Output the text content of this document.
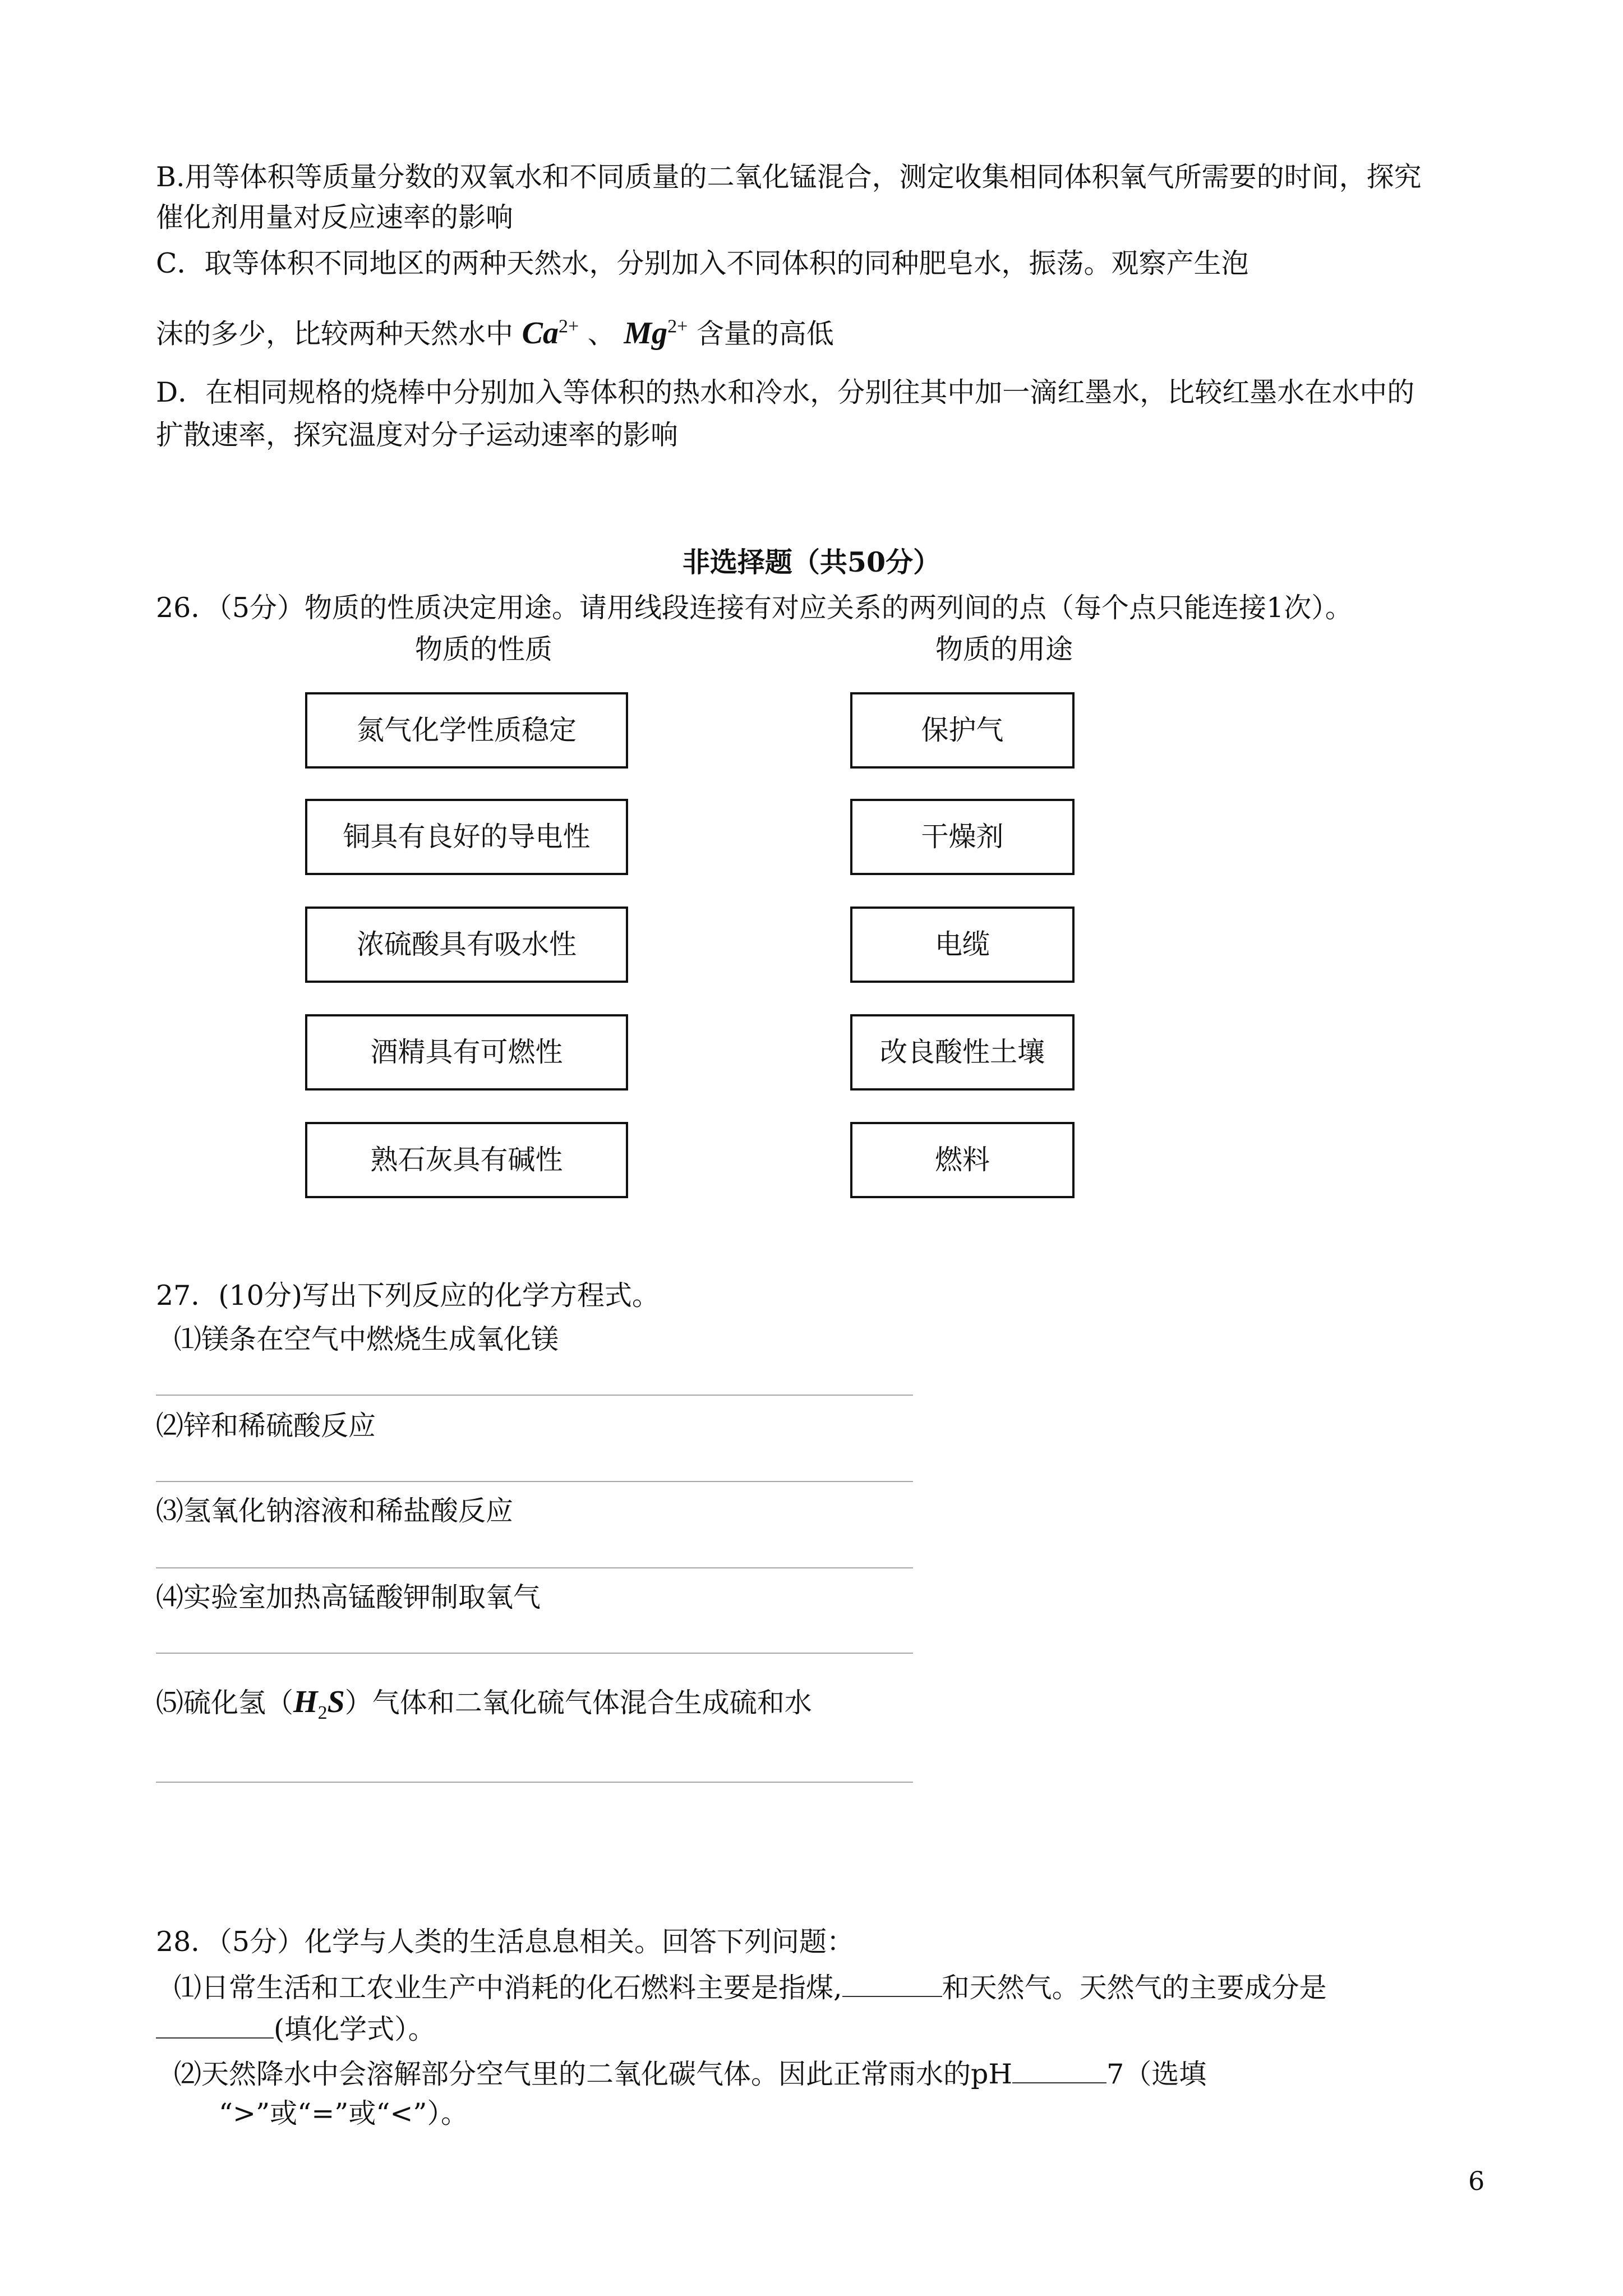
B.用等体积等质量分数的双氧水和不同质量的二氧化锰混合，测定收集相同体积氧气所需要的时间，探究
催化剂用量对反应速率的影响
C．取等体积不同地区的两种天然水，分别加入不同体积的同种肥皂水，振荡。观察产生泡
沫的多少，比较两种天然水中 $Ca^{2+}$ 、 $Mg^{2+}$ 含量的高低
D．在相同规格的烧棒中分别加入等体积的热水和冷水，分别往其中加一滴红墨水，比较红墨水在水中的
扩散速率，探究温度对分子运动速率的影响
非选择题（共50分）
26．（5分）物质的性质决定用途。请用线段连接有对应关系的两列间的点（每个点只能连接1次）。
物质的性质	物质的用途
氮气化学性质稳定
铜具有良好的导电性
浓硫酸具有吸水性
酒精具有可燃性
熟石灰具有碱性
保护气
干燥剂
电缆
改良酸性土壤
燃料
27．(10分)写出下列反应的化学方程式。
⑴镁条在空气中燃烧生成氧化镁
⑵锌和稀硫酸反应
⑶氢氧化钠溶液和稀盐酸反应
⑷实验室加热高锰酸钾制取氧气
⑸硫化氢$(H_2S)$气体和二氧化硫气体混合生成硫和水
28．（5分）化学与人类的生活息息相关。回答下列问题：
⑴日常生活和工农业生产中消耗的化石燃料主要是指煤,	和天然气。天然气的主要成分是
(填化学式）。
⑵天然降水中会溶解部分空气里的二氧化碳气体。因此正常雨水的pH	7（选填
“>”或“=”或“<”）。
6
